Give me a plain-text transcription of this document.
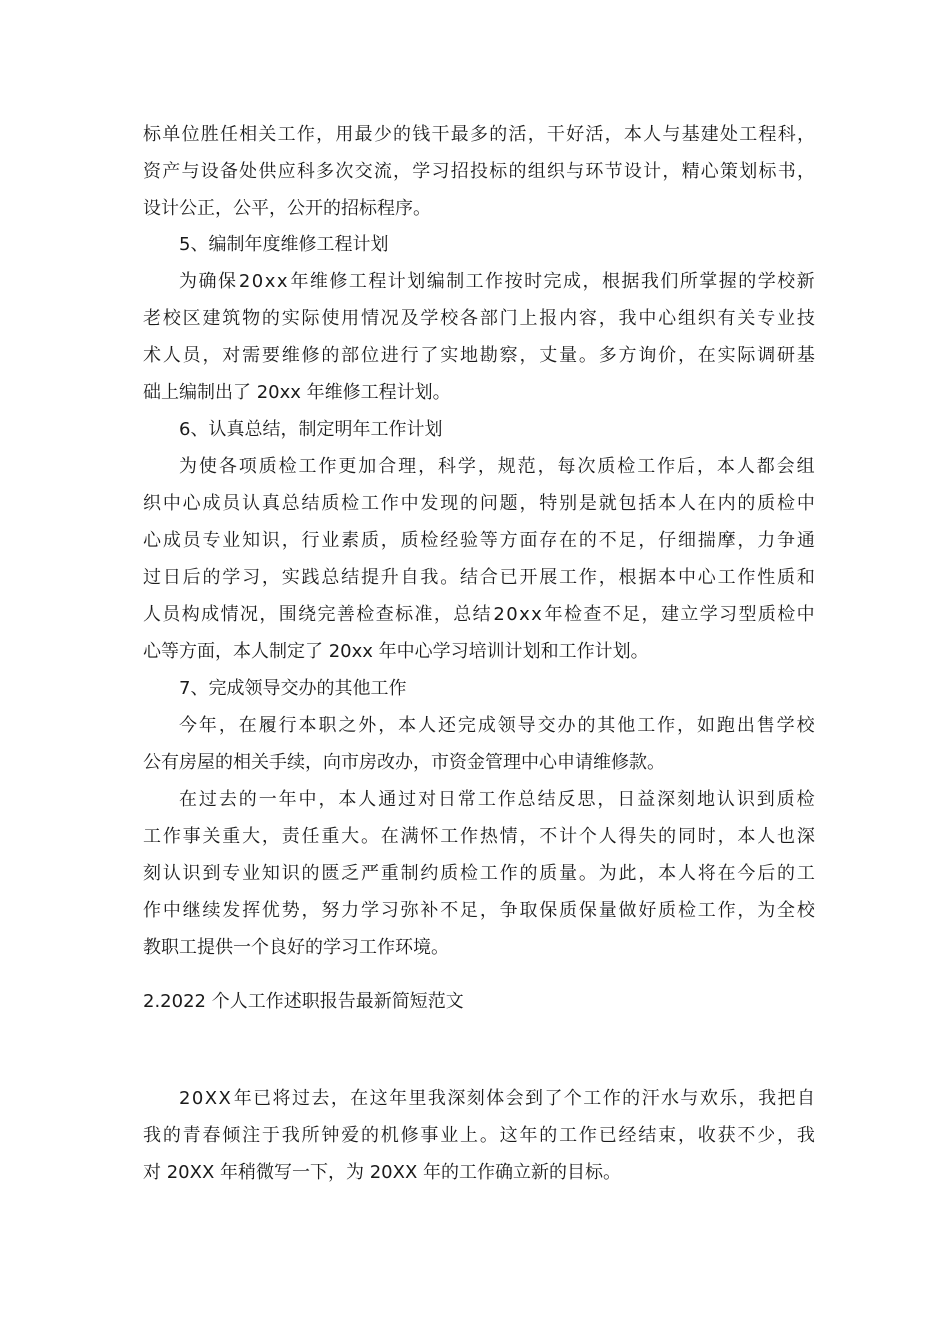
标 单 位 胜 任 相 关 工 作 ， 用 最 少 的 钱 干 最 多 的 活 ， 干 好 活 ， 本 人 与 基 建 处 工 程 科 ，
资 产 与 设 备 处 供 应 科 多 次 交 流 ， 学 习 招 投 标 的 组 织 与 环 节 设 计 ， 精 心 策 划 标 书 ，
设计公正，公平，公开的招标程序。
5、编制年度维修工程计划
为 确 保 2 0 x x 年 维 修 工 程 计 划 编 制 工 作 按 时 完 成 ， 根 据 我 们 所 掌 握 的 学 校 新
老 校 区 建 筑 物 的 实 际 使 用 情 况 及 学 校 各 部 门 上 报 内 容 ， 我 中 心 组 织 有 关 专 业 技
术 人 员 ， 对 需 要 维 修 的 部 位 进 行 了 实 地 勘 察 ， 丈 量 。 多 方 询 价 ， 在 实 际 调 研 基
础上编制出了 20xx 年维修工程计划。
6、认真总结，制定明年工作计划
为 使 各 项 质 检 工 作 更 加 合 理 ， 科 学 ， 规 范 ， 每 次 质 检 工 作 后 ， 本 人 都 会 组
织 中 心 成 员 认 真 总 结 质 检 工 作 中 发 现 的 问 题 ， 特 别 是 就 包 括 本 人 在 内 的 质 检 中
心 成 员 专 业 知 识 ， 行 业 素 质 ， 质 检 经 验 等 方 面 存 在 的 不 足 ， 仔 细 揣 摩 ， 力 争 通
过 日 后 的 学 习 ， 实 践 总 结 提 升 自 我 。 结 合 已 开 展 工 作 ， 根 据 本 中 心 工 作 性 质 和
人 员 构 成 情 况 ， 围 绕 完 善 检 查 标 准 ， 总 结 2 0 x x 年 检 查 不 足 ， 建 立 学 习 型 质 检 中
心等方面，本人制定了 20xx 年中心学习培训计划和工作计划。
7、完成领导交办的其他工作
今 年 ， 在 履 行 本 职 之 外 ， 本 人 还 完 成 领 导 交 办 的 其 他 工 作 ， 如 跑 出 售 学 校
公有房屋的相关手续，向市房改办，市资金管理中心申请维修款。
在 过 去 的 一 年 中 ， 本 人 通 过 对 日 常 工 作 总 结 反 思 ， 日 益 深 刻 地 认 识 到 质 检
工 作 事 关 重 大 ， 责 任 重 大 。 在 满 怀 工 作 热 情 ， 不 计 个 人 得 失 的 同 时 ， 本 人 也 深
刻 认 识 到 专 业 知 识 的 匮 乏 严 重 制 约 质 检 工 作 的 质 量 。 为 此 ， 本 人 将 在 今 后 的 工
作 中 继 续 发 挥 优 势 ， 努 力 学 习 弥 补 不 足 ， 争 取 保 质 保 量 做 好 质 检 工 作 ， 为 全 校
教职工提供一个良好的学习工作环境。
2.2022 个人工作述职报告最新简短范文
2 0 X X 年 已 将 过 去 ， 在 这 年 里 我 深 刻 体 会 到 了 个 工 作 的 汗 水 与 欢 乐 ， 我 把 自
我 的 青 春 倾 注 于 我 所 钟 爱 的 机 修 事 业 上 。 这 年 的 工 作 已 经 结 束 ， 收 获 不 少 ， 我
对 20XX 年稍微写一下，为 20XX 年的工作确立新的目标。
